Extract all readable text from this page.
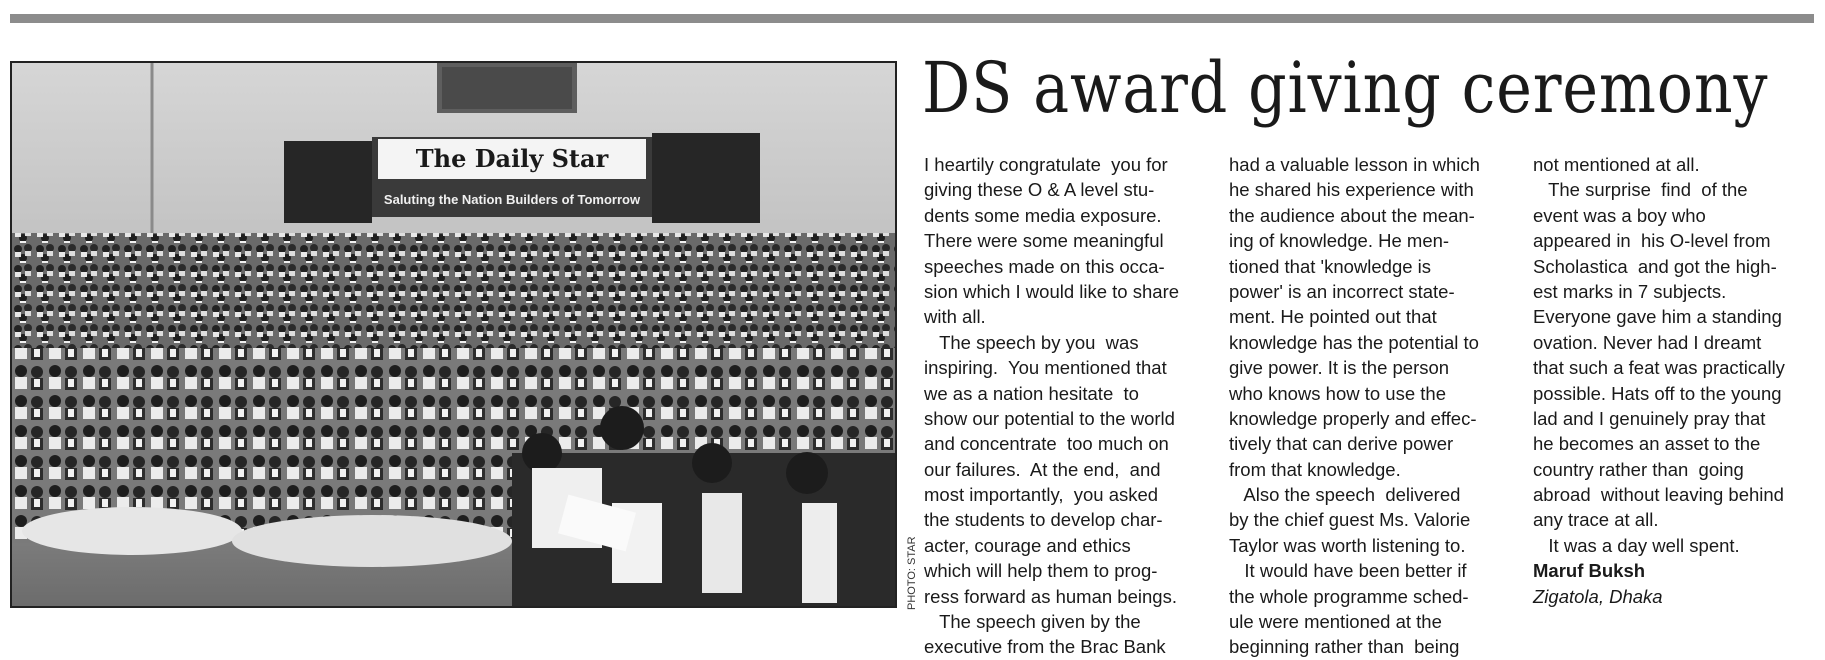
The Daily Star
Saluting the Nation Builders of Tomorrow
PHOTO: STAR
DS award giving ceremony
I heartily congratulate  you for
giving these O & A level stu-
dents some media exposure.
There were some meaningful
speeches made on this occa-
sion which I would like to share
with all.
The speech by you  was
inspiring.  You mentioned that
we as a nation hesitate  to
show our potential to the world
and concentrate  too much on
our failures.  At the end,  and
most importantly,  you asked
the students to develop char-
acter, courage and ethics
which will help them to prog-
ress forward as human beings.
The speech given by the
executive from the Brac Bank
had a valuable lesson in which
he shared his experience with
the audience about the mean-
ing of knowledge. He men-
tioned that 'knowledge is
power' is an incorrect state-
ment. He pointed out that
knowledge has the potential to
give power. It is the person
who knows how to use the
knowledge properly and effec-
tively that can derive power
from that knowledge.
Also the speech  delivered
by the chief guest Ms. Valorie
Taylor was worth listening to.
It would have been better if
the whole programme sched-
ule were mentioned at the
beginning rather than  being
not mentioned at all.
The surprise  find  of the
event was a boy who
appeared in  his O-level from
Scholastica  and got the high-
est marks in 7 subjects.
Everyone gave him a standing
ovation. Never had I dreamt
that such a feat was practically
possible. Hats off to the young
lad and I genuinely pray that
he becomes an asset to the
country rather than  going
abroad  without leaving behind
any trace at all.
It was a day well spent.
Maruf Buksh
Zigatola, Dhaka
